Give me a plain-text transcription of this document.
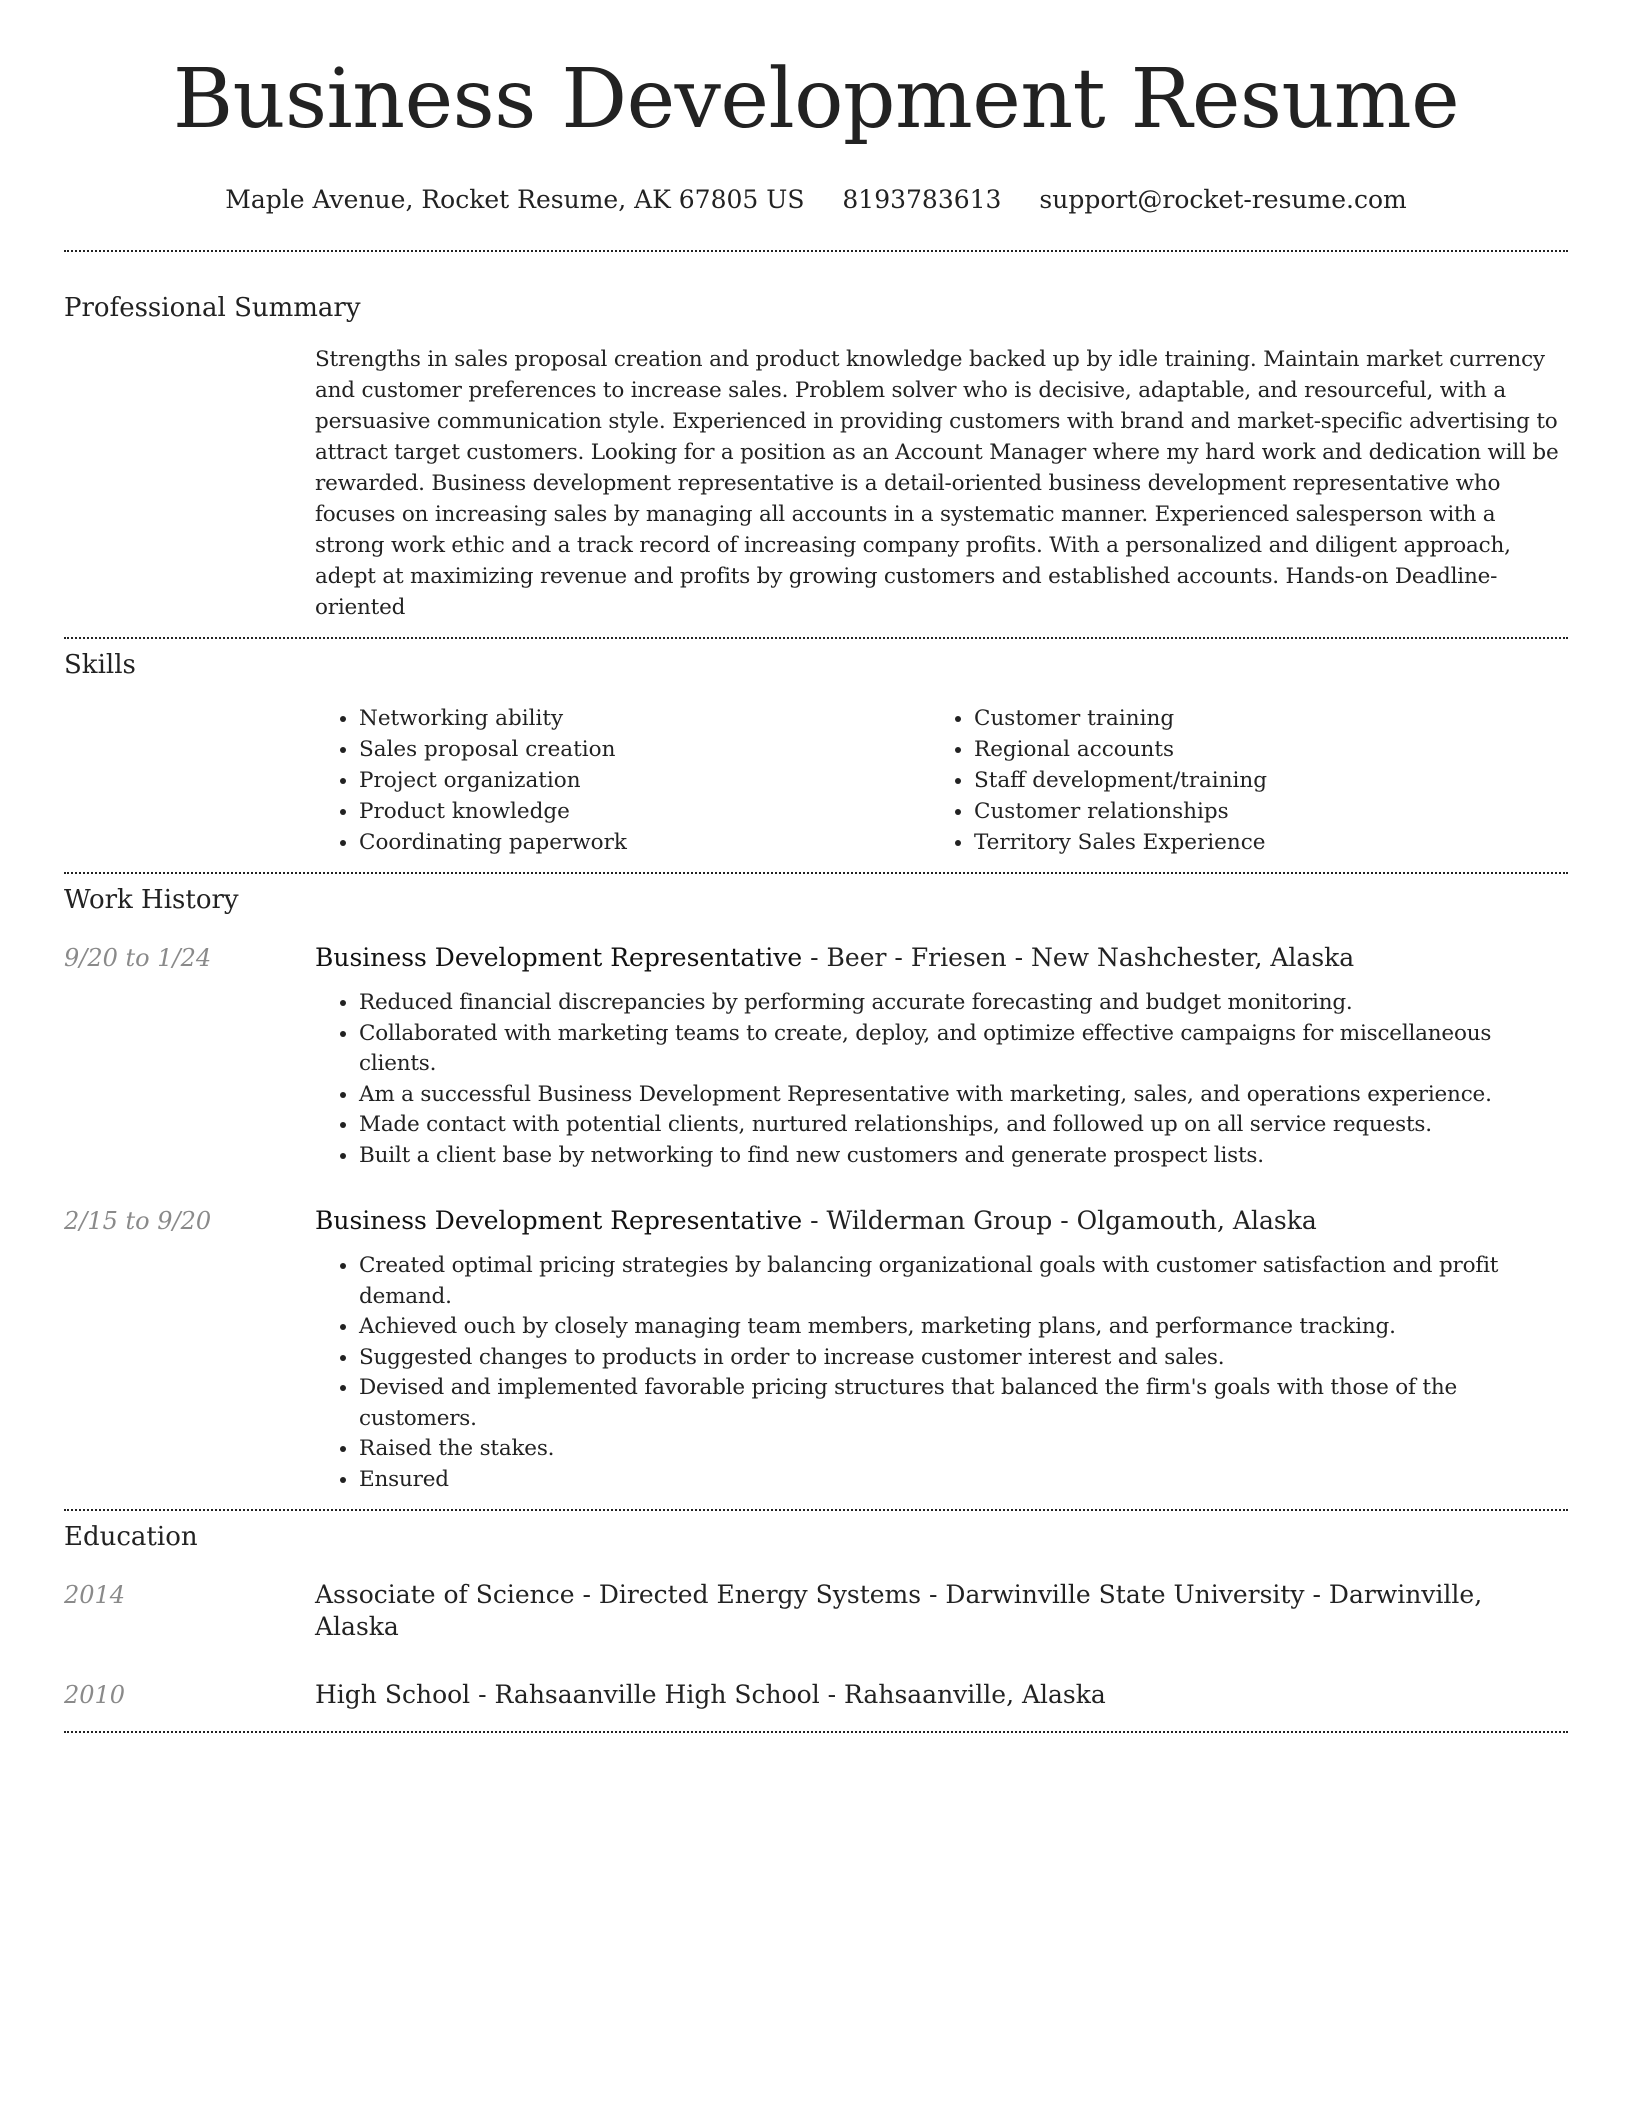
Business Development Resume
Maple Avenue, Rocket Resume, AK 67805 US 8193783613 support@rocket-resume.com
Professional Summary

Strengths in sales proposal creation and product knowledge backed up by idle training. Maintain market currency and customer preferences to increase sales. Problem solver who is decisive, adaptable, and resourceful, with a persuasive communication style. Experienced in providing customers with brand and market-specific advertising to attract target customers. Looking for a position as an Account Manager where my hard work and dedication will be rewarded. Business development representative is a detail-oriented business development representative who focuses on increasing sales by managing all accounts in a systematic manner. Experienced salesperson with a strong work ethic and a track record of increasing company profits. With a personalized and diligent approach, adept at maximizing revenue and profits by growing customers and established accounts. Hands-on Deadline-oriented

Skills
• Networking ability
• Sales proposal creation
• Project organization
• Product knowledge
• Coordinating paperwork
• Customer training
• Regional accounts
• Staff development/training
• Customer relationships
• Territory Sales Experience
Work History
9/20 to 1/24	Business Development Representative - Beer - Friesen - New Nashchester, Alaska
• Reduced financial discrepancies by performing accurate forecasting and budget monitoring.
• Collaborated with marketing teams to create, deploy, and optimize effective campaigns for miscellaneous clients.
• Am a successful Business Development Representative with marketing, sales, and operations experience.
• Made contact with potential clients, nurtured relationships, and followed up on all service requests.
• Built a client base by networking to find new customers and generate prospect lists.
2/15 to 9/20	Business Development Representative - Wilderman Group - Olgamouth, Alaska
• Created optimal pricing strategies by balancing organizational goals with customer satisfaction and profit demand.
• Achieved ouch by closely managing team members, marketing plans, and performance tracking.
• Suggested changes to products in order to increase customer interest and sales.
• Devised and implemented favorable pricing structures that balanced the firm's goals with those of the customers.
• Raised the stakes.
• Ensured
Education
2014	Associate of Science - Directed Energy Systems - Darwinville State University - Darwinville, Alaska
2010	High School - Rahsaanville High School - Rahsaanville, Alaska
